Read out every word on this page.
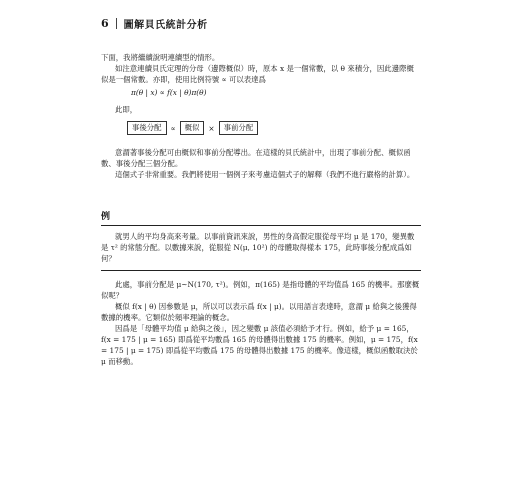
6 圖解貝氏統計分析

下面，我將繼續說明連續型的情形。

如注意連續貝氏定理的分母（邊際概似）時，原本 x 是一個常數，以 θ 來積分，因此邊際概似是一個常數。亦即，使用比例符號 ∝ 可以表達爲

π(θ | x) ∝ f(x | θ)π(θ)

此即，

事後分配	∝	概似	×	事前分配

意謂著事後分配可由概似和事前分配導出。在這樣的貝氏統計中，出現了事前分配、概似函數、事後分配三個分配。

這個式子非常重要。我們將使用一個例子來考慮這個式子的解釋（我們不進行嚴格的計算）。

例

就男人的平均身高來考量。以事前資訊來說，男性的身高假定服從母平均 μ 是 170，變異數是 τ² 的常態分配。以數據來說，從服從 N(μ, 10²) 的母體取得樣本 175，此時事後分配成爲如何？

此處，事前分配是 μ~N(170, τ²)。例如，π(165) 是指母體的平均值爲 165 的機率。那麼概似呢？

概似 f(x | θ) 因參數是 μ，所以可以表示爲 f(x | μ)。以用語言表達時，意謂 μ 給與之後獲得數據的機率。它類似於頻率理論的概念。

因爲是「母體平均值 μ 給與之後」，因之變數 μ 該值必須給予才行。例如，給予 μ = 165，f(x = 175 | μ = 165) 即爲從平均數爲 165 的母體得出數據 175 的機率。例如，μ = 175，f(x = 175 | μ = 175) 即爲從平均數爲 175 的母體得出數據 175 的機率。像這樣，概似函數取決於 μ 而移動。
